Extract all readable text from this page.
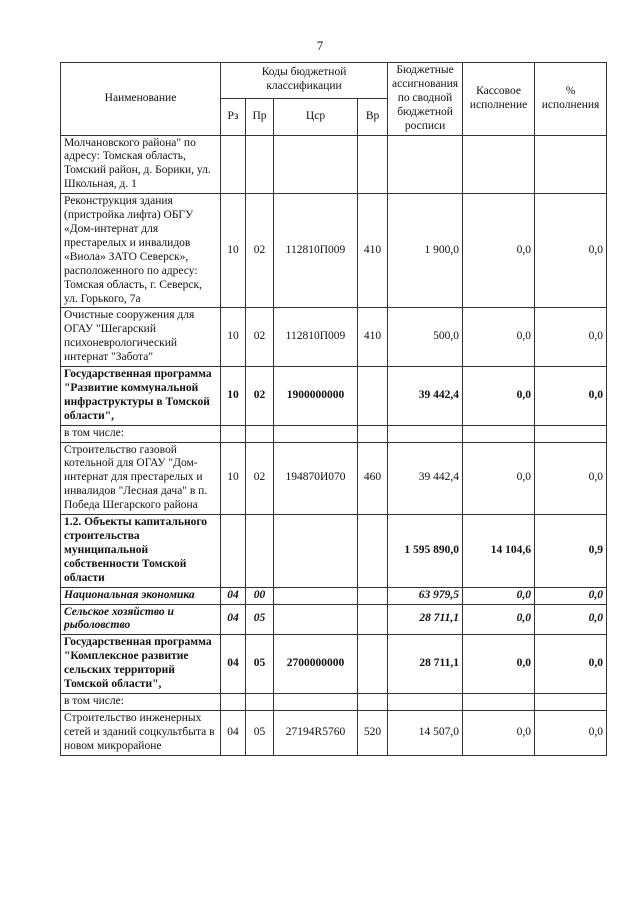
7
Наименование	Коды бюджетной классификации				Бюджетные ассигнования по сводной бюджетной росписи	Кассовое исполнение	% исполнения
	Рз	Пр	Цср	Вр			
Молчановского района" по адресу: Томская область, Томский район, д. Борики, ул. Школьная, д. 1							
Реконструкция здания (пристройка лифта) ОБГУ «Дом-интернат для престарелых и инвалидов «Виола» ЗАТО Северск», расположенного по адресу: Томская область, г. Северск, ул. Горького, 7а	10	02	112810П009	410	1 900,0	0,0	0,0
Очистные сооружения для ОГАУ "Шегарский психоневрологический интернат "Забота"	10	02	112810П009	410	500,0	0,0	0,0
Государственная программа "Развитие коммунальной инфраструктуры в Томской области",	10	02	1900000000		39 442,4	0,0	0,0
в том числе:							
Строительство газовой котельной для ОГАУ "Дом-интернат для престарелых и инвалидов "Лесная дача" в п. Победа Шегарского района	10	02	194870И070	460	39 442,4	0,0	0,0
1.2. Объекты капитального строительства муниципальной собственности Томской области					1 595 890,0	14 104,6	0,9
Национальная экономика	04	00			63 979,5	0,0	0,0
Сельское хозяйство и рыболовство	04	05			28 711,1	0,0	0,0
Государственная программа "Комплексное развитие сельских территорий Томской области",	04	05	2700000000		28 711,1	0,0	0,0
в том числе:							
Строительство инженерных сетей и зданий соцкультбыта в новом микрорайоне	04	05	27194R5760	520	14 507,0	0,0	0,0
